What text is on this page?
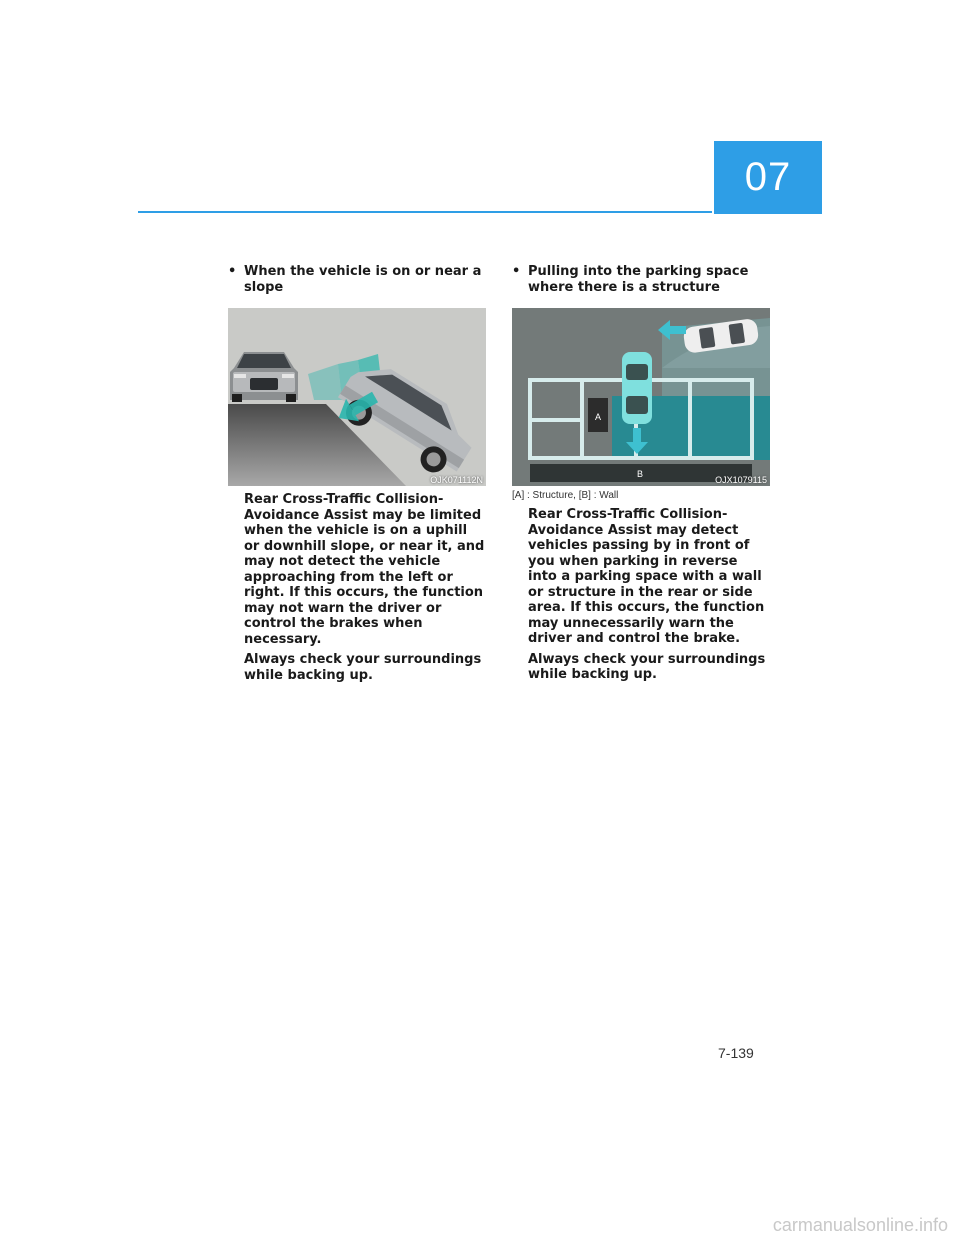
07
• When the vehicle is on or near a slope
OJK071112N

Rear Cross-Traffic Collision-Avoidance Assist may be limited when the vehicle is on a uphill or downhill slope, or near it, and may not detect the vehicle approaching from the left or right. If this occurs, the function may not warn the driver or control the brakes when necessary.

Always check your surroundings while backing up.

• Pulling into the parking space where there is a structure
A
B
OJX1079115
[A] : Structure, [B] : Wall

Rear Cross-Traffic Collision-Avoidance Assist may detect vehicles passing by in front of you when parking in reverse into a parking space with a wall or structure in the rear or side area. If this occurs, the function may unnecessarily warn the driver and control the brake.

Always check your surroundings while backing up.

7-139
carmanualsonline.info
